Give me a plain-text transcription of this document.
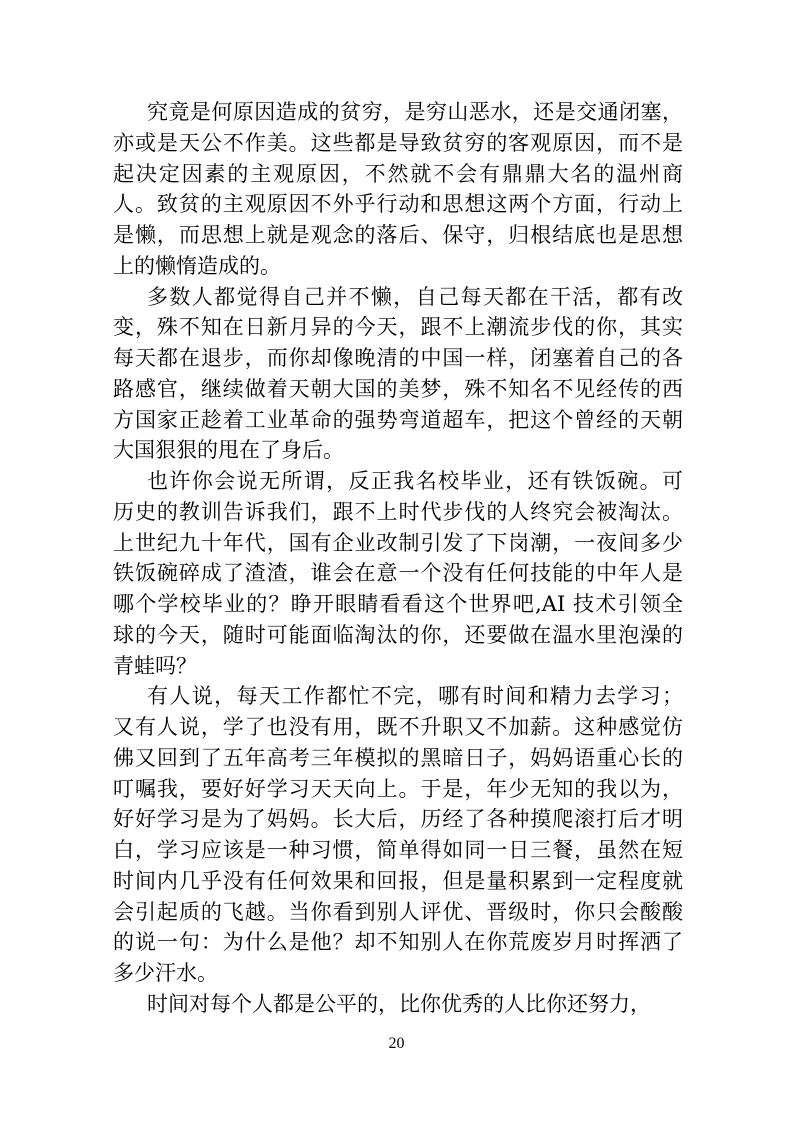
究竟是何原因造成的贫穷，是穷山恶水，还是交通闭塞，
亦或是天公不作美。这些都是导致贫穷的客观原因，而不是
起决定因素的主观原因，不然就不会有鼎鼎大名的温州商
人。致贫的主观原因不外乎行动和思想这两个方面，行动上
是懒，而思想上就是观念的落后、保守，归根结底也是思想
上的懒惰造成的。

多数人都觉得自己并不懒，自己每天都在干活，都有改
变，殊不知在日新月异的今天，跟不上潮流步伐的你，其实
每天都在退步，而你却像晚清的中国一样，闭塞着自己的各
路感官，继续做着天朝大国的美梦，殊不知名不见经传的西
方国家正趁着工业革命的强势弯道超车，把这个曾经的天朝
大国狠狠的甩在了身后。

也许你会说无所谓，反正我名校毕业，还有铁饭碗。可
历史的教训告诉我们，跟不上时代步伐的人终究会被淘汰。
上世纪九十年代，国有企业改制引发了下岗潮，一夜间多少
铁饭碗碎成了渣渣，谁会在意一个没有任何技能的中年人是
哪个学校毕业的？睁开眼睛看看这个世界吧,AI 技术引领全
球的今天，随时可能面临淘汰的你，还要做在温水里泡澡的
青蛙吗？

有人说，每天工作都忙不完，哪有时间和精力去学习；
又有人说，学了也没有用，既不升职又不加薪。这种感觉仿
佛又回到了五年高考三年模拟的黑暗日子，妈妈语重心长的
叮嘱我，要好好学习天天向上。于是，年少无知的我以为，
好好学习是为了妈妈。长大后，历经了各种摸爬滚打后才明
白，学习应该是一种习惯，简单得如同一日三餐，虽然在短
时间内几乎没有任何效果和回报，但是量积累到一定程度就
会引起质的飞越。当你看到别人评优、晋级时，你只会酸酸
的说一句：为什么是他？却不知别人在你荒废岁月时挥洒了
多少汗水。

时间对每个人都是公平的，比你优秀的人比你还努力，

20
